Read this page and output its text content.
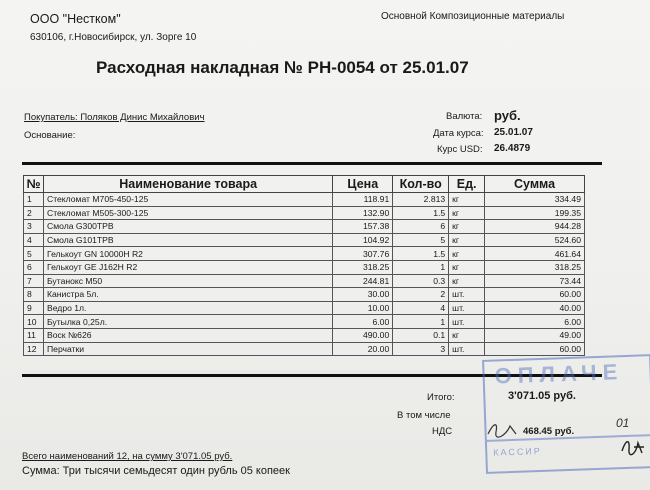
ООО "Нестком"
630106, г.Новосибирск, ул. Зорге 10
Основной Композиционные материалы
Расходная накладная № РН-0054 от 25.01.07
Покупатель: Поляков Динис Михайлович
Основание:
Валюта: руб.
Дата курса: 25.01.07
Курс USD: 26.4879
№	Наименование товара	Цена	Кол-во	Ед.	Сумма
1	Стекломат М705-450-125	118.91	2.813	кг	334.49
2	Стекломат М505-300-125	132.90	1.5	кг	199.35
3	Смола G300TPB	157.38	6	кг	944.28
4	Смола G101TPB	104.92	5	кг	524.60
5	Гелькоут GN 10000H R2	307.76	1.5	кг	461.64
6	Гелькоут GE J162H R2	318.25	1	кг	318.25
7	Бутанокс М50	244.81	0.3	кг	73.44
8	Канистра 5л.	30.00	2	шт.	60.00
9	Ведро 1л.	10.00	4	шт.	40.00
10	Бутылка 0,25л.	6.00	1	шт.	6.00
11	Воск №626	490.00	0.1	кг	49.00
12	Перчатки	20.00	3	шт.	60.00
Итого:	3'071.05 руб.
В том числе
НДС	468.45 руб.
ОПЛАЧЕ
КАССИР
01
Всего наименований 12, на сумму 3'071.05 руб.
Сумма: Три тысячи семьдесят один рубль 05 копеек
